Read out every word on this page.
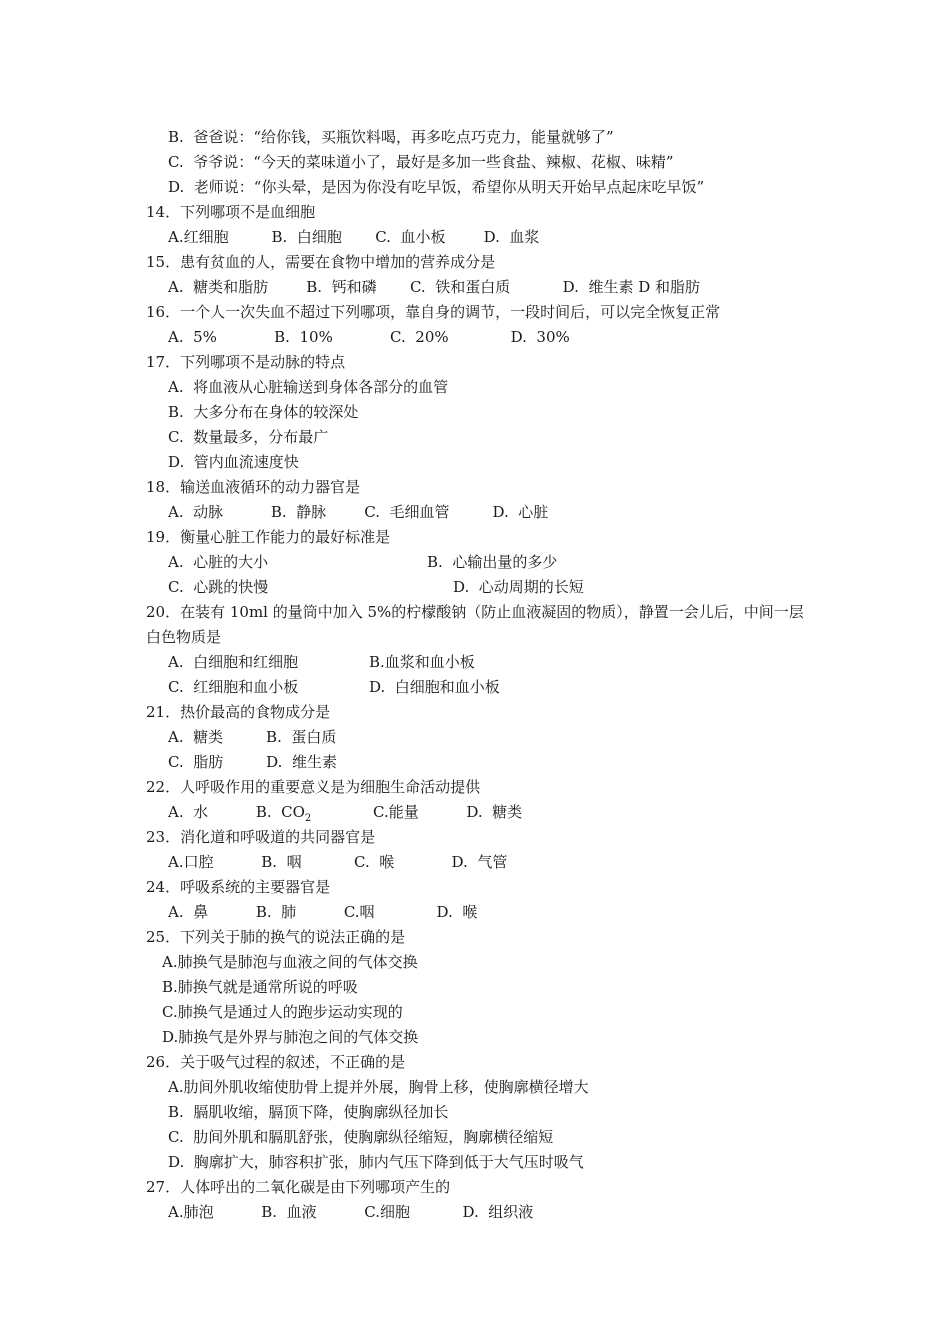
B.  爸爸说：“给你钱，买瓶饮料喝，再多吃点巧克力，能量就够了”
C.  爷爷说：“今天的菜味道小了，最好是多加一些食盐、辣椒、花椒、味精”
D.  老师说：“你头晕，是因为你没有吃早饭，希望你从明天开始早点起床吃早饭”
14．下列哪项不是血细胞
A.红细胞         B.  白细胞       C.  血小板        D.  血浆
15．患有贫血的人，需要在食物中增加的营养成分是
A.  糖类和脂肪        B.  钙和磷       C.  铁和蛋白质           D.  维生素 D 和脂肪
16．一个人一次失血不超过下列哪项，靠自身的调节，一段时间后，可以完全恢复正常
A.  5%            B.  10%            C.  20%             D.  30%
17．下列哪项不是动脉的特点
A.  将血液从心脏输送到身体各部分的血管
B.  大多分布在身体的较深处
C.  数量最多，分布最广
D.  管内血流速度快
18．输送血液循环的动力器官是
A.  动脉          B.  静脉        C.  毛细血管         D.  心脏
19．衡量心脏工作能力的最好标准是
A.  心脏的大小	B.  心输出量的多少
C.  心跳的快慢	D.  心动周期的长短
20．在装有 10ml 的量筒中加入 5%的柠檬酸钠（防止血液凝固的物质），静置一会儿后，中间一层
白色物质是
A.  白细胞和红细胞	B.血浆和血小板
C.  红细胞和血小板	D.  白细胞和血小板
21．热价最高的食物成分是
A.  糖类         B.  蛋白质
C.  脂肪         D.  维生素
22．人呼吸作用的重要意义是为细胞生命活动提供
A.  水          B.  $CO_2$	C.能量          D.  糖类
23．消化道和呼吸道的共同器官是
A.口腔          B.  咽           C.  喉            D.  气管
24．呼吸系统的主要器官是
A.  鼻          B.  肺          C.咽             D.  喉
25．下列关于肺的换气的说法正确的是
A.肺换气是肺泡与血液之间的气体交换
B.肺换气就是通常所说的呼吸
C.肺换气是通过人的跑步运动实现的
D.肺换气是外界与肺泡之间的气体交换
26．关于吸气过程的叙述，不正确的是
A.肋间外肌收缩使肋骨上提并外展，胸骨上移，使胸廓横径增大
B.  膈肌收缩，膈顶下降，使胸廓纵径加长
C.  肋间外肌和膈肌舒张，使胸廓纵径缩短，胸廓横径缩短
D.  胸廓扩大，肺容积扩张，肺内气压下降到低于大气压时吸气
27．人体呼出的二氧化碳是由下列哪项产生的
A.肺泡          B.  血液          C.细胞           D.  组织液
